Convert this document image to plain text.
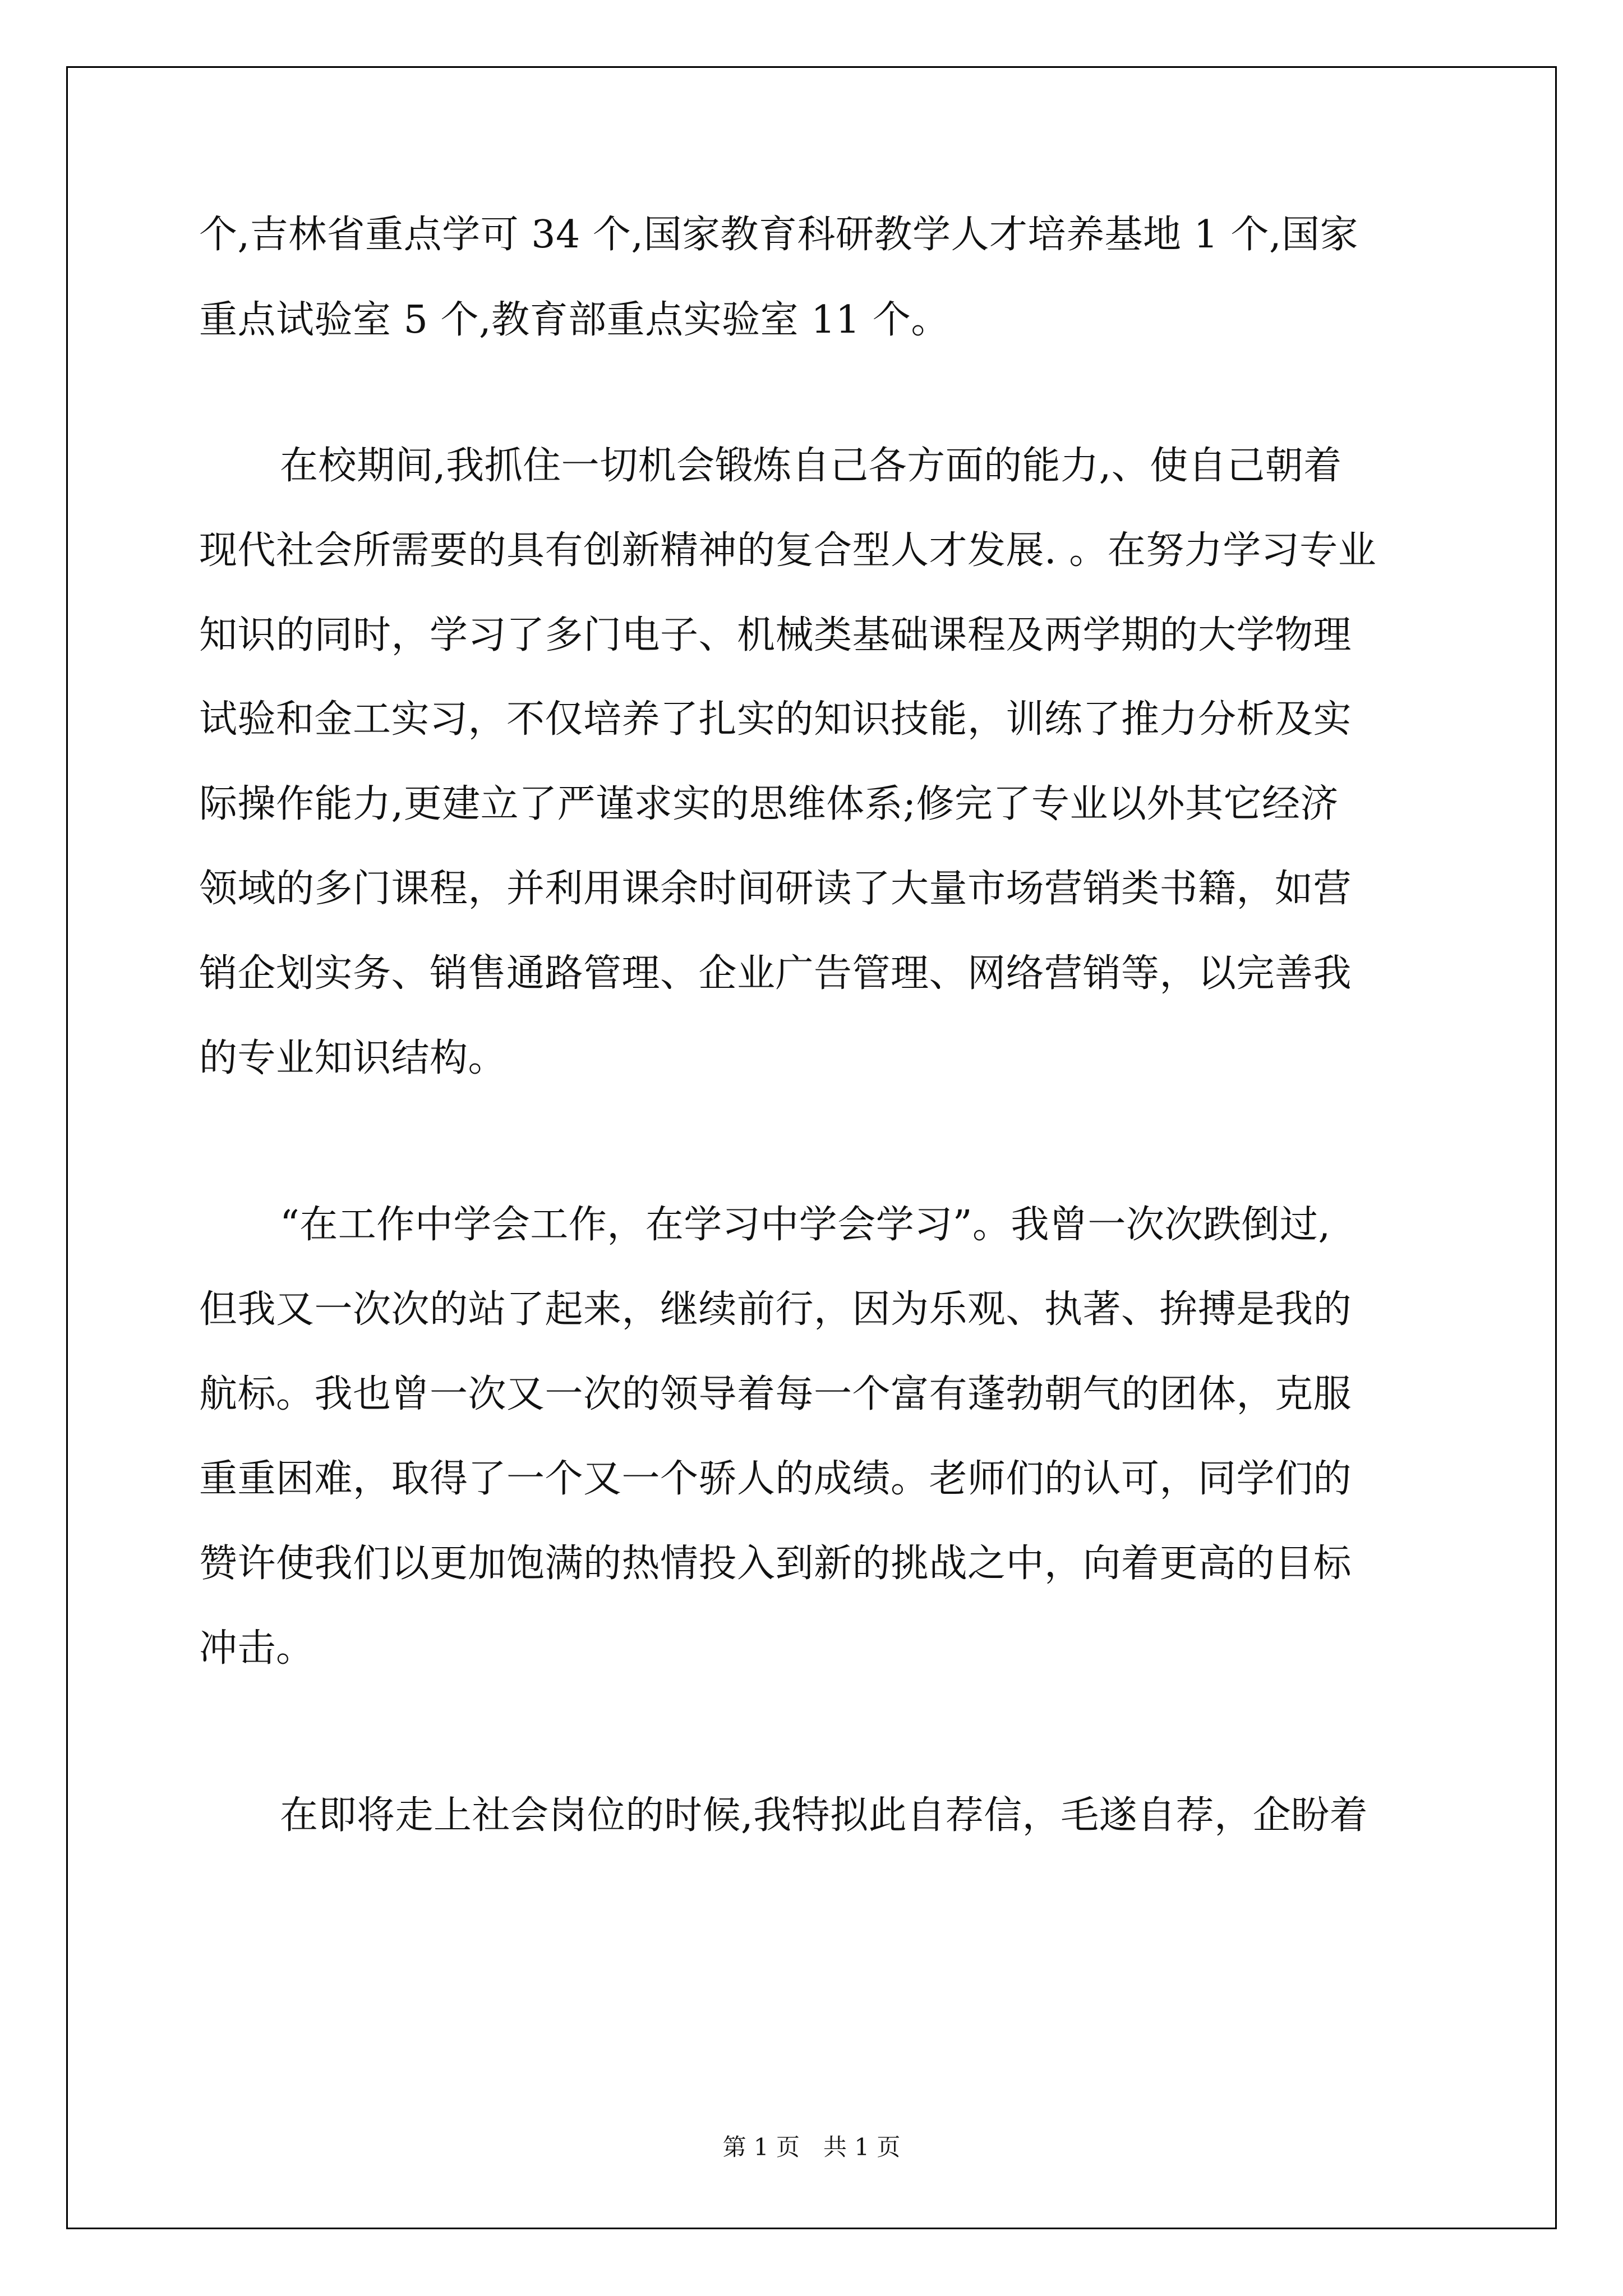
个,吉林省重点学可 34 个,国家教育科研教学人才培养基地 1 个,国家
重点试验室 5 个,教育部重点实验室 11 个。
在校期间,我抓住一切机会锻炼自己各方面的能力,、使自己朝着
现代社会所需要的具有创新精神的复合型人才发展. 。在努力学习专业
知识的同时，学习了多门电子、机械类基础课程及两学期的大学物理
试验和金工实习，不仅培养了扎实的知识技能，训练了推力分析及实
际操作能力,更建立了严谨求实的思维体系;修完了专业以外其它经济
领域的多门课程，并利用课余时间研读了大量市场营销类书籍，如营
销企划实务、销售通路管理、企业广告管理、网络营销等，以完善我
的专业知识结构。
“在工作中学会工作，在学习中学会学习”。我曾一次次跌倒过,
但我又一次次的站了起来，继续前行，因为乐观、执著、拚搏是我的
航标。我也曾一次又一次的领导着每一个富有蓬勃朝气的团体，克服
重重困难，取得了一个又一个骄人的成绩。老师们的认可，同学们的
赞许使我们以更加饱满的热情投入到新的挑战之中，向着更高的目标
冲击。
在即将走上社会岗位的时候,我特拟此自荐信，毛遂自荐，企盼着
第 1 页　共 1 页
